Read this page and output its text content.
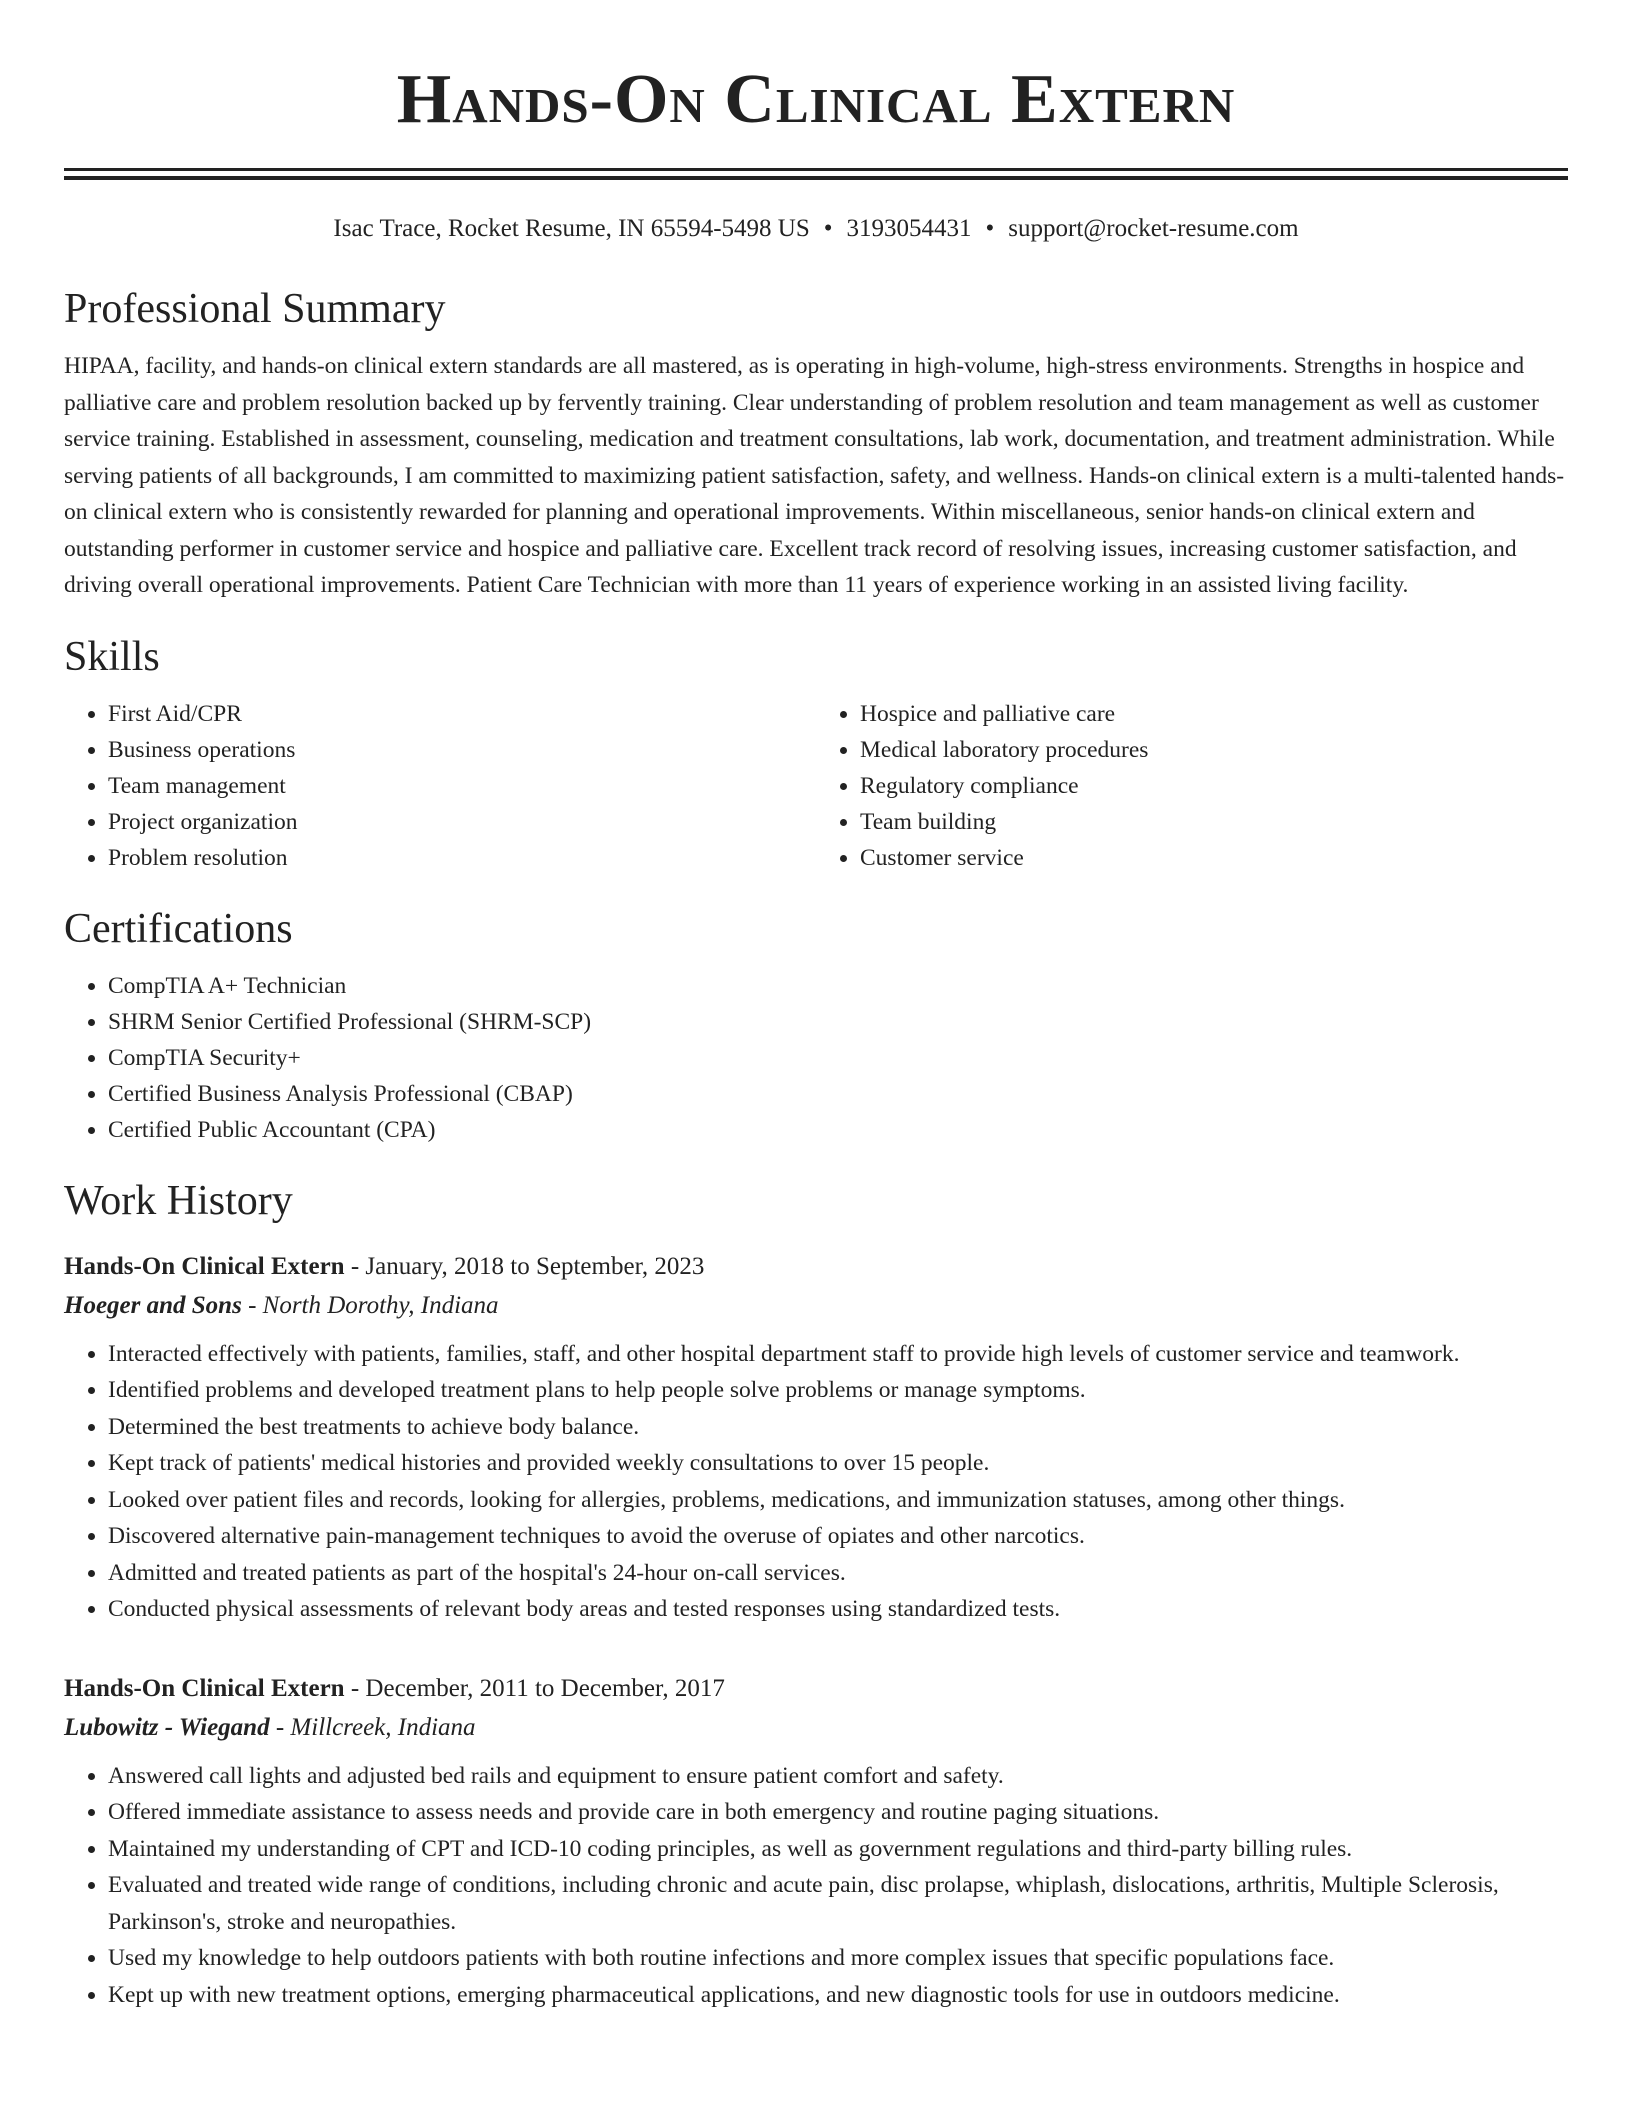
Hands-On Clinical Extern
Isac Trace, Rocket Resume, IN 65594-5498 US • 3193054431 • support@rocket-resume.com
Professional Summary

HIPAA, facility, and hands-on clinical extern standards are all mastered, as is operating in high-volume, high-stress environments. Strengths in hospice and palliative care and problem resolution backed up by fervently training. Clear understanding of problem resolution and team management as well as customer service training. Established in assessment, counseling, medication and treatment consultations, lab work, documentation, and treatment administration. While serving patients of all backgrounds, I am committed to maximizing patient satisfaction, safety, and wellness. Hands-on clinical extern is a multi-talented hands-on clinical extern who is consistently rewarded for planning and operational improvements. Within miscellaneous, senior hands-on clinical extern and outstanding performer in customer service and hospice and palliative care. Excellent track record of resolving issues, increasing customer satisfaction, and driving overall operational improvements. Patient Care Technician with more than 11 years of experience working in an assisted living facility.

Skills
• First Aid/CPR
• Business operations
• Team management
• Project organization
• Problem resolution
• Hospice and palliative care
• Medical laboratory procedures
• Regulatory compliance
• Team building
• Customer service
Certifications
• CompTIA A+ Technician
• SHRM Senior Certified Professional (SHRM-SCP)
• CompTIA Security+
• Certified Business Analysis Professional (CBAP)
• Certified Public Accountant (CPA)
Work History
Hands-On Clinical Extern - January, 2018 to September, 2023
Hoeger and Sons - North Dorothy, Indiana
• Interacted effectively with patients, families, staff, and other hospital department staff to provide high levels of customer service and teamwork.
• Identified problems and developed treatment plans to help people solve problems or manage symptoms.
• Determined the best treatments to achieve body balance.
• Kept track of patients' medical histories and provided weekly consultations to over 15 people.
• Looked over patient files and records, looking for allergies, problems, medications, and immunization statuses, among other things.
• Discovered alternative pain-management techniques to avoid the overuse of opiates and other narcotics.
• Admitted and treated patients as part of the hospital's 24-hour on-call services.
• Conducted physical assessments of relevant body areas and tested responses using standardized tests.
Hands-On Clinical Extern - December, 2011 to December, 2017
Lubowitz - Wiegand - Millcreek, Indiana
• Answered call lights and adjusted bed rails and equipment to ensure patient comfort and safety.
• Offered immediate assistance to assess needs and provide care in both emergency and routine paging situations.
• Maintained my understanding of CPT and ICD-10 coding principles, as well as government regulations and third-party billing rules.
• Evaluated and treated wide range of conditions, including chronic and acute pain, disc prolapse, whiplash, dislocations, arthritis, Multiple Sclerosis, Parkinson's, stroke and neuropathies.
• Used my knowledge to help outdoors patients with both routine infections and more complex issues that specific populations face.
• Kept up with new treatment options, emerging pharmaceutical applications, and new diagnostic tools for use in outdoors medicine.
